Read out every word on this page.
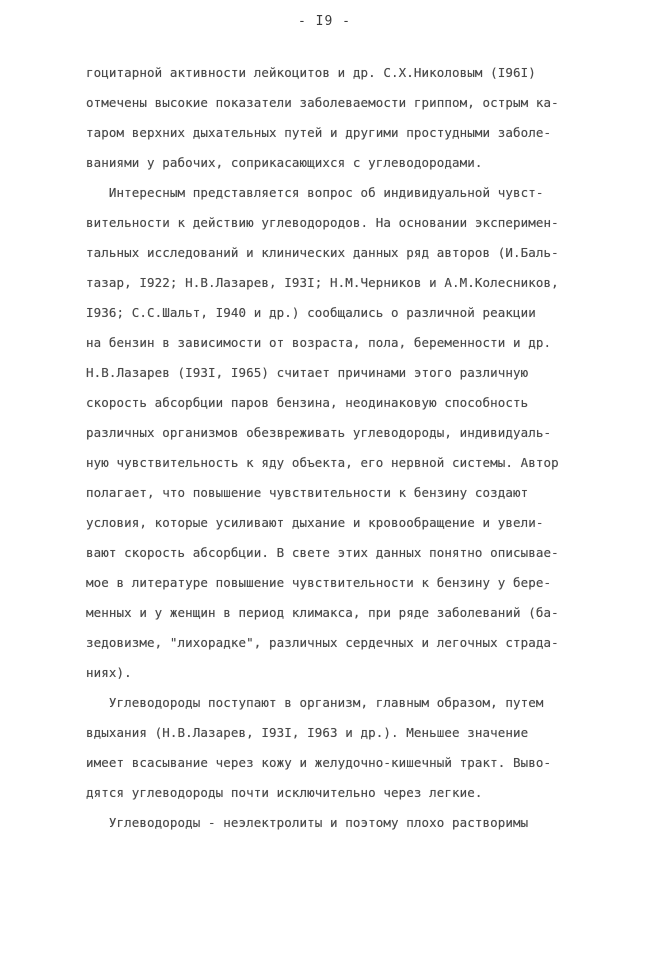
- I9 -
гоцитарной активности лейкоцитов и др. С.Х.Николовым (I96I)
отмечены высокие показатели заболеваемости гриппом, острым ка-
таром верхних дыхательных путей и другими простудными заболе-
ваниями у рабочих, соприкасающихся с углеводородами.
Интересным представляется вопрос об индивидуальной чувст-
вительности к действию углеводородов. На основании эксперимен-
тальных исследований и клинических данных ряд авторов (И.Баль-
тазар, I922; Н.В.Лазарев, I93I; Н.М.Черников и А.М.Колесников,
I936; С.С.Шальт, I940 и др.) сообщались о различной реакции
на бензин в зависимости от возраста, пола, беременности и др.
Н.В.Лазарев (I93I, I965) считает причинами этого различную
скорость абсорбции паров бензина, неодинаковую способность
различных организмов обезвреживать углеводороды, индивидуаль-
ную чувствительность к яду объекта, его нервной системы. Автор
полагает, что повышение чувствительности к бензину создают
условия, которые усиливают дыхание и кровообращение и увели-
вают скорость абсорбции. В свете этих данных понятно описывае-
мое в литературе повышение чувствительности к бензину у бере-
менных и у женщин в период климакса, при ряде заболеваний (ба-
зедовизме, "лихорадке", различных сердечных и легочных страда-
ниях).
Углеводороды поступают в организм, главным образом, путем
вдыхания (Н.В.Лазарев, I93I, I963 и др.). Меньшее значение
имеет всасывание через кожу и желудочно-кишечный тракт. Выво-
дятся углеводороды почти исключительно через легкие.
Углеводороды - неэлектролиты и поэтому плохо растворимы
